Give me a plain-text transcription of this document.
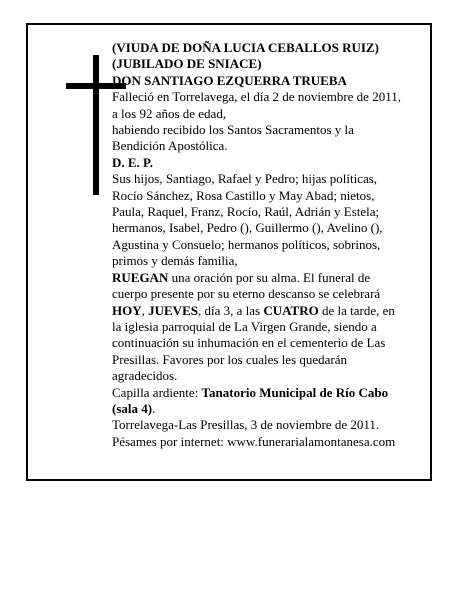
(VIUDA DE DOÑA LUCIA CEBALLOS RUIZ)
(JUBILADO DE SNIACE)
DON SANTIAGO EZQUERRA TRUEBA
Falleció en Torrelavega, el día 2 de noviembre de 2011,
a los 92 años de edad,
habiendo recibido los Santos Sacramentos y la
Bendición Apostólica.
D. E. P.
Sus hijos, Santiago, Rafael y Pedro; hijas políticas,
Rocío Sánchez, Rosa Castillo y May Abad; nietos,
Paula, Raquel, Franz, Rocío, Raúl, Adrián y Estela;
hermanos, Isabel, Pedro (), Guillermo (), Avelino (),
Agustina y Consuelo; hermanos políticos, sobrinos,
primos y demás familia,
RUEGAN una oración por su alma. El funeral de
cuerpo presente por su eterno descanso se celebrará
HOY, JUEVES, día 3, a las CUATRO de la tarde, en
la iglesia parroquial de La Virgen Grande, siendo a
continuación su inhumación en el cementerio de Las
Presillas. Favores por los cuales les quedarán
agradecidos.
Capilla ardiente: Tanatorio Municipal de Río Cabo
(sala 4).
Torrelavega-Las Presillas, 3 de noviembre de 2011.
Pésames por internet: www.funerarialamontanesa.com
